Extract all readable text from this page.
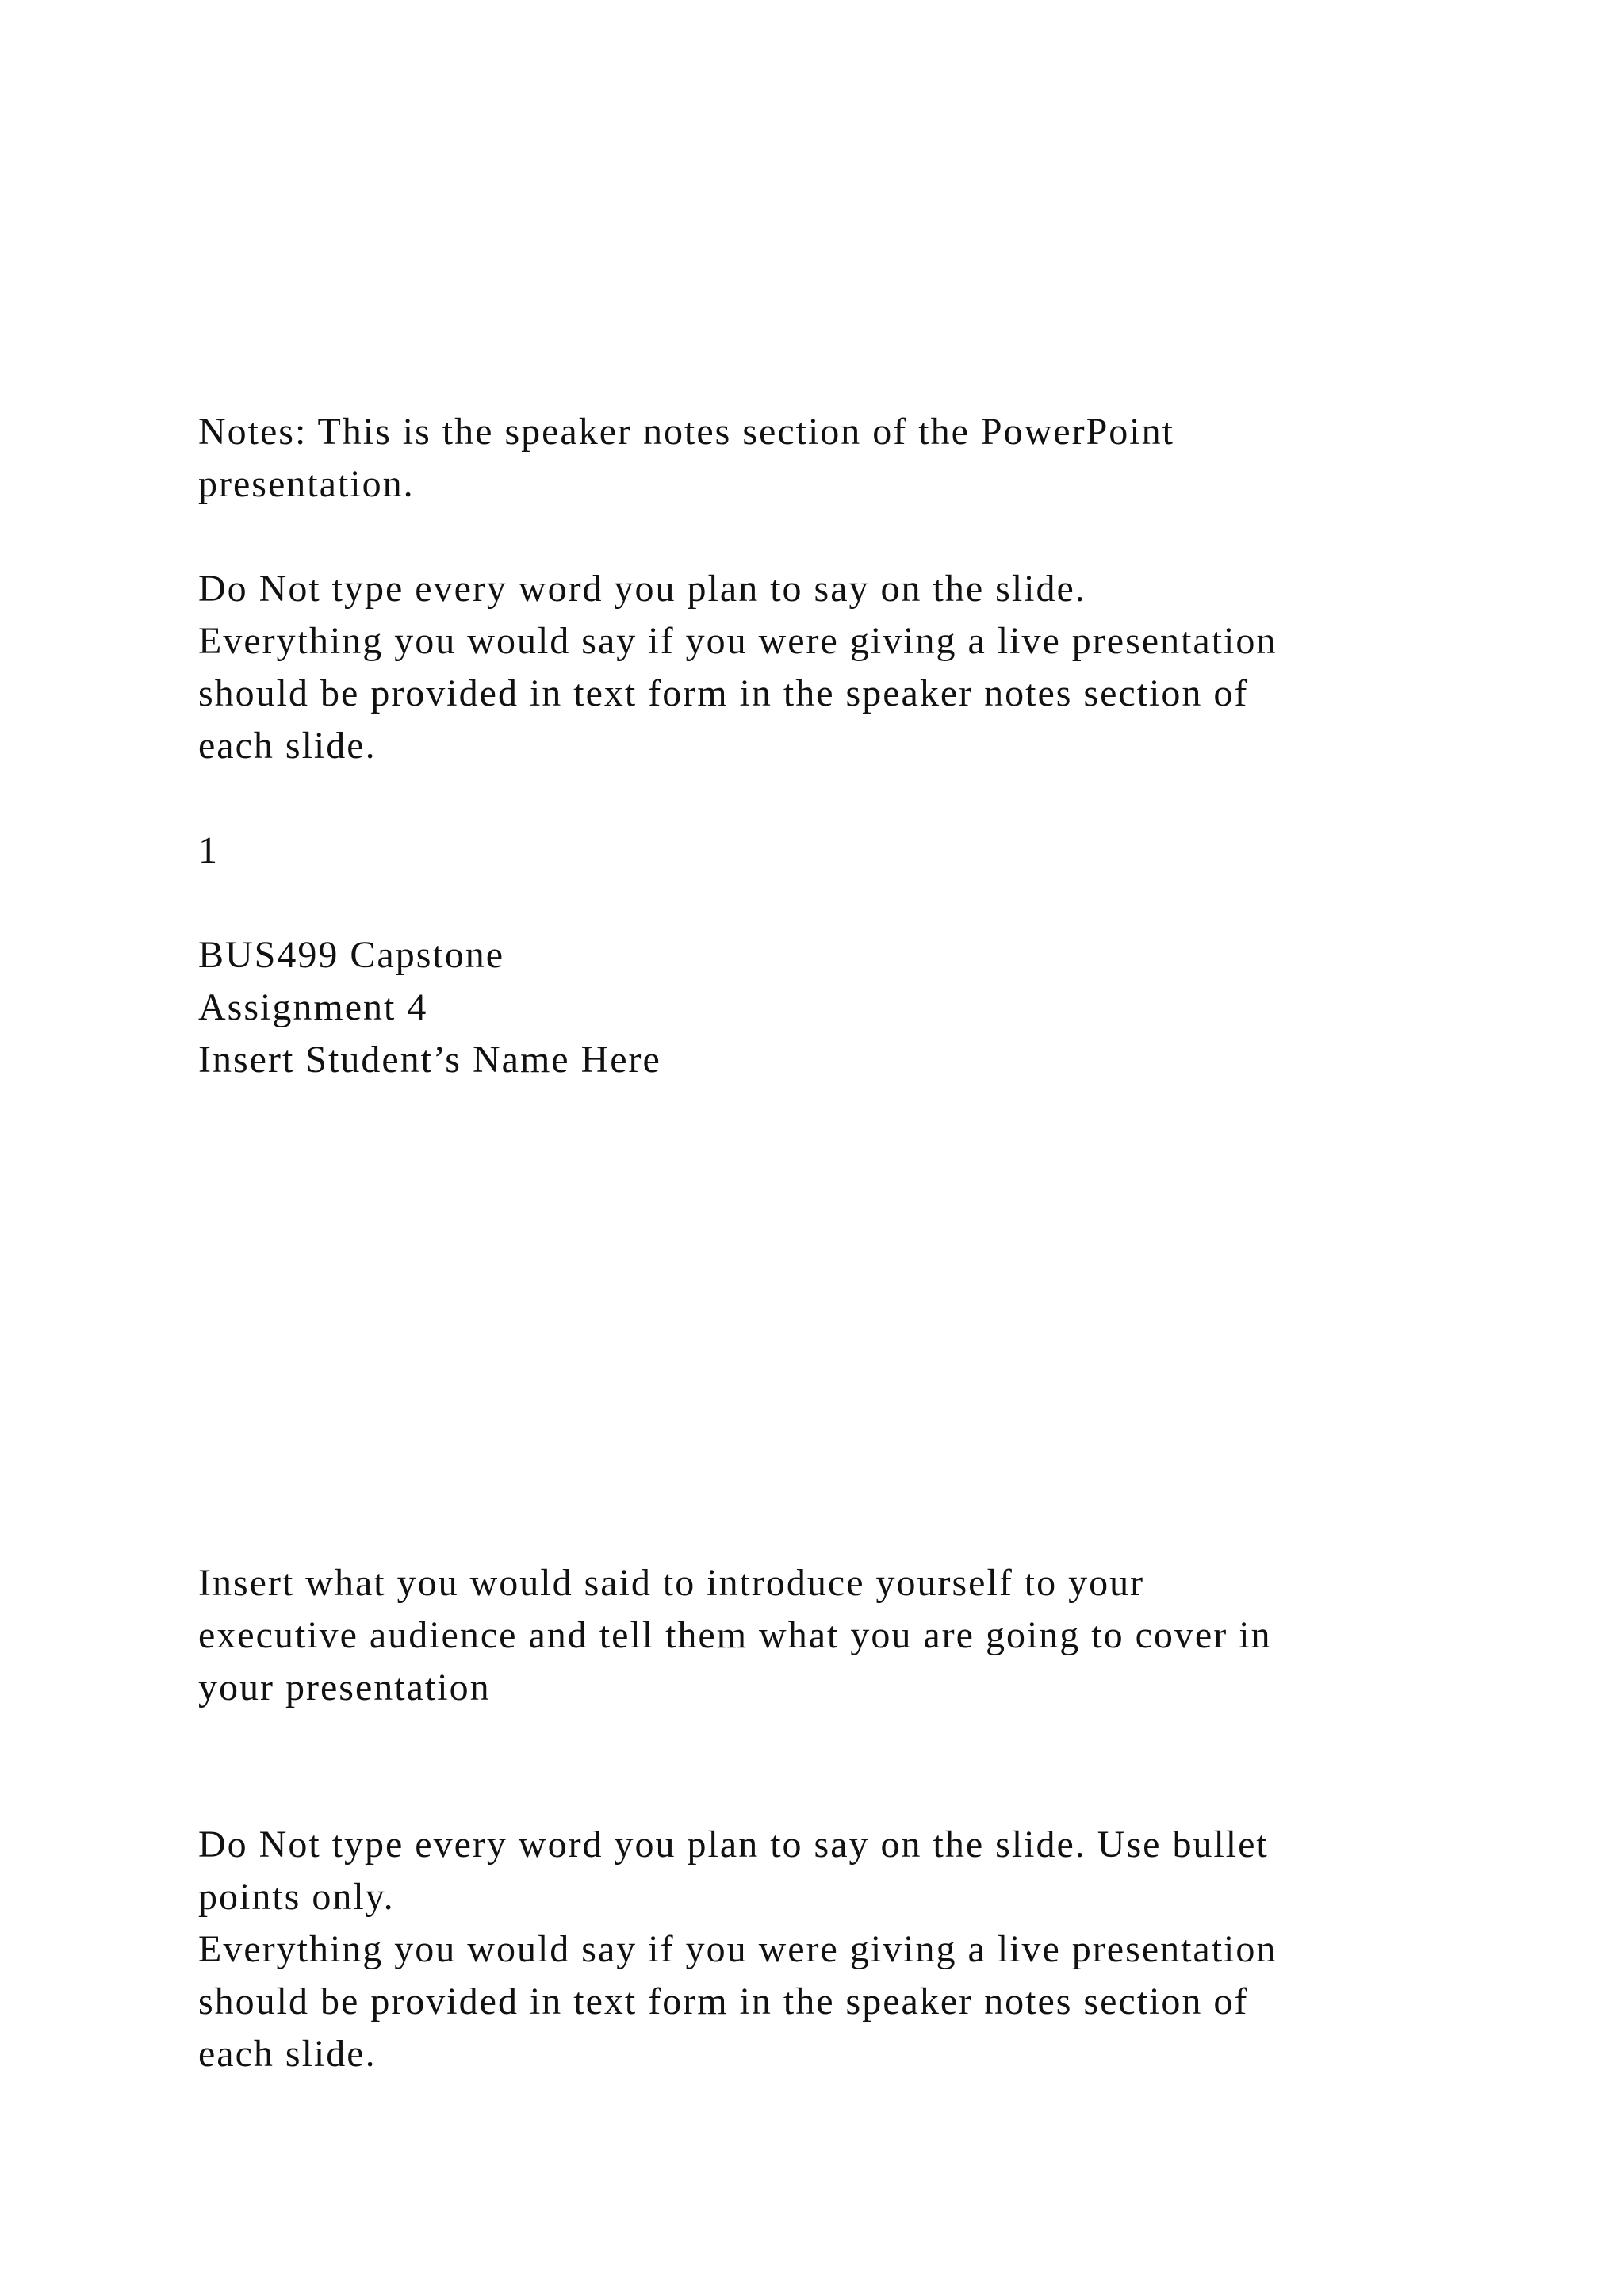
Notes: This is the speaker notes section of the PowerPoint

presentation.

Do Not type every word you plan to say on the slide.

Everything you would say if you were giving a live presentation

should be provided in text form in the speaker notes section of

each slide.

1

BUS499 Capstone

Assignment 4

Insert Student’s Name Here

Insert what you would said to introduce yourself to your

executive audience and tell them what you are going to cover in

your presentation

Do Not type every word you plan to say on the slide. Use bullet

points only.

Everything you would say if you were giving a live presentation

should be provided in text form in the speaker notes section of

each slide.
